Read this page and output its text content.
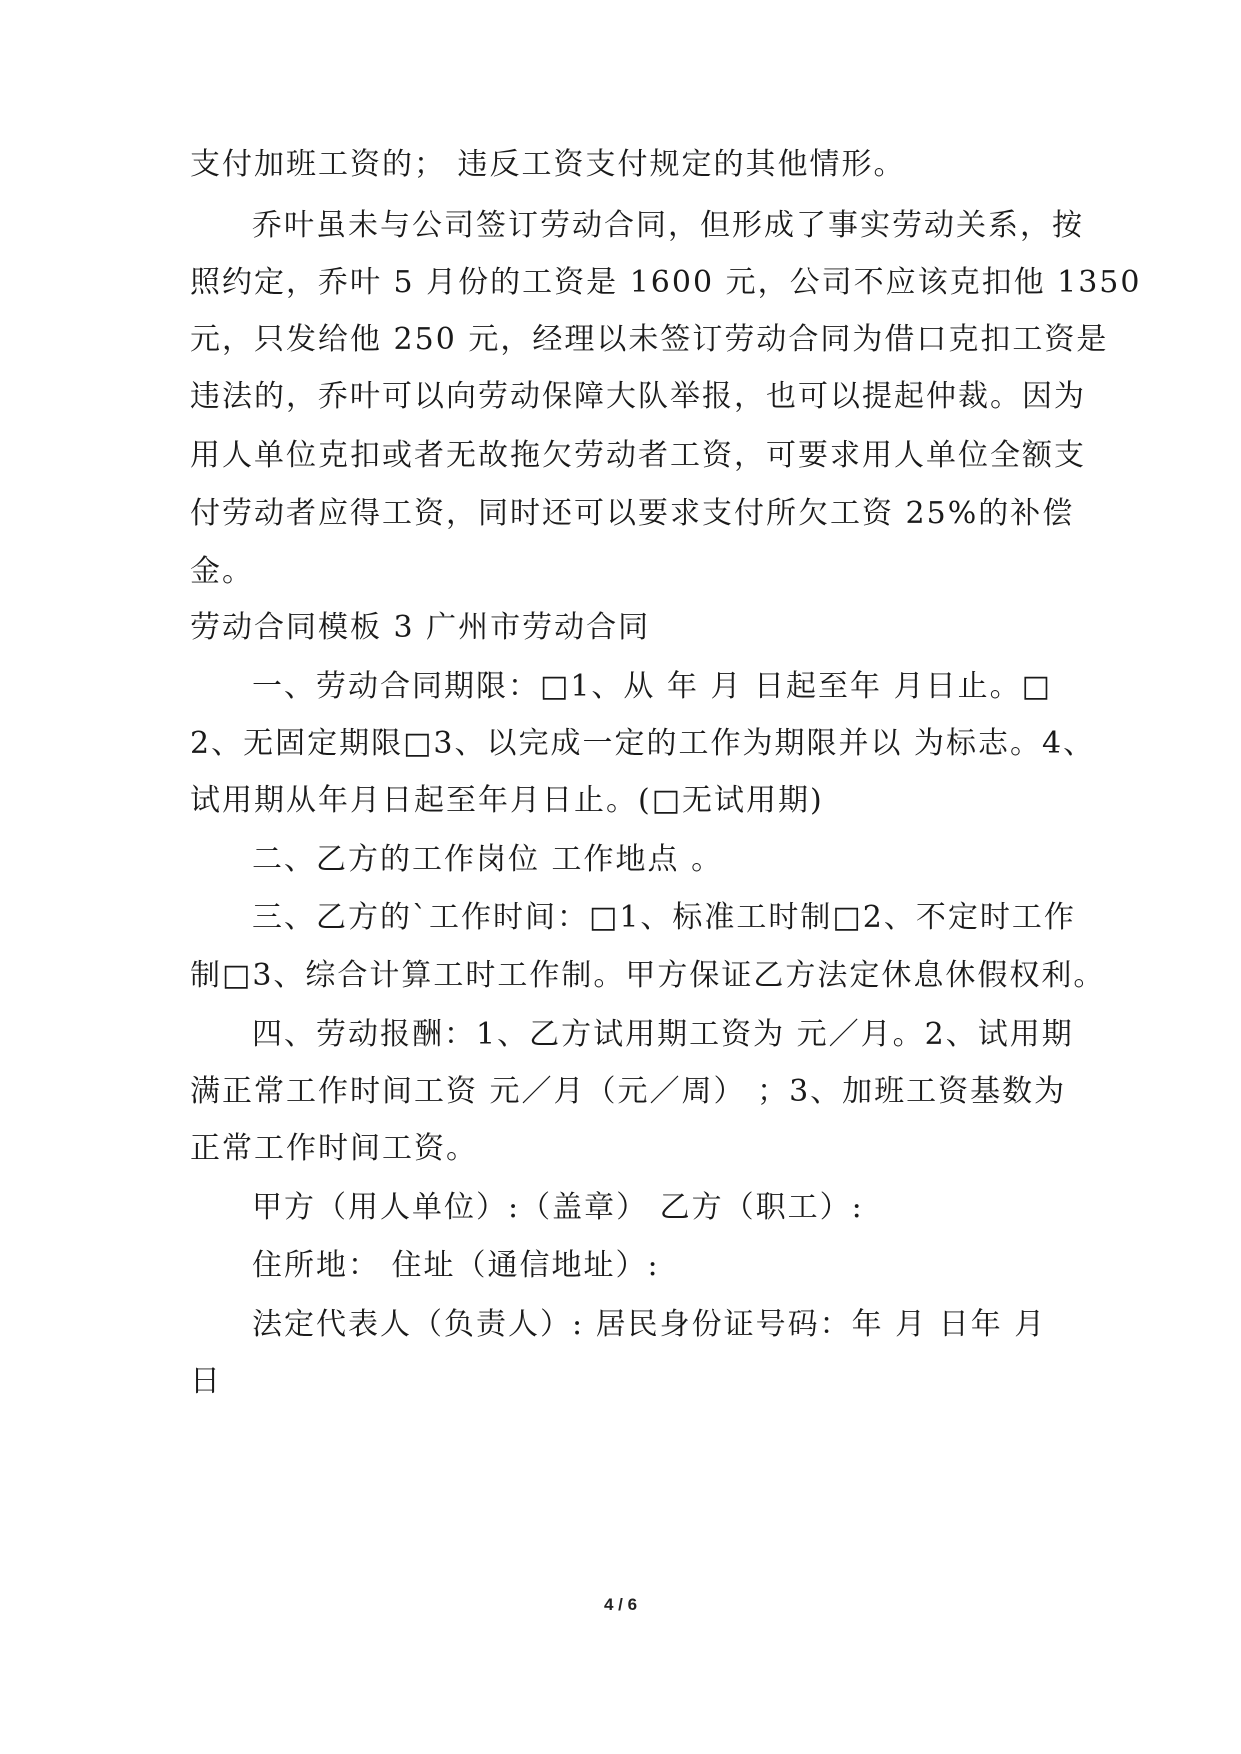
支付加班工资的； 违反工资支付规定的其他情形。
乔叶虽未与公司签订劳动合同，但形成了事实劳动关系，按
照约定，乔叶 5 月份的工资是 1600 元，公司不应该克扣他 1350
元，只发给他 250 元，经理以未签订劳动合同为借口克扣工资是
违法的，乔叶可以向劳动保障大队举报，也可以提起仲裁。因为
用人单位克扣或者无故拖欠劳动者工资，可要求用人单位全额支
付劳动者应得工资，同时还可以要求支付所欠工资 25%的补偿
金。
劳动合同模板 3 广州市劳动合同
一、劳动合同期限：□1、从 年 月 日起至年 月日止。□
2、无固定期限□3、以完成一定的工作为期限并以 为标志。4、
试用期从年月日起至年月日止。(□无试用期)
二、乙方的工作岗位 工作地点 。
三、乙方的`工作时间：□1、标准工时制□2、不定时工作
制□3、综合计算工时工作制。甲方保证乙方法定休息休假权利。
四、劳动报酬：1、乙方试用期工资为 元／月。2、试用期
满正常工作时间工资 元／月（元／周） ；3、加班工资基数为
正常工作时间工资。
甲方（用人单位）:（盖章） 乙方（职工）:
住所地： 住址（通信地址）:
法定代表人（负责人）: 居民身份证号码：年 月 日年 月
日
4 / 6
